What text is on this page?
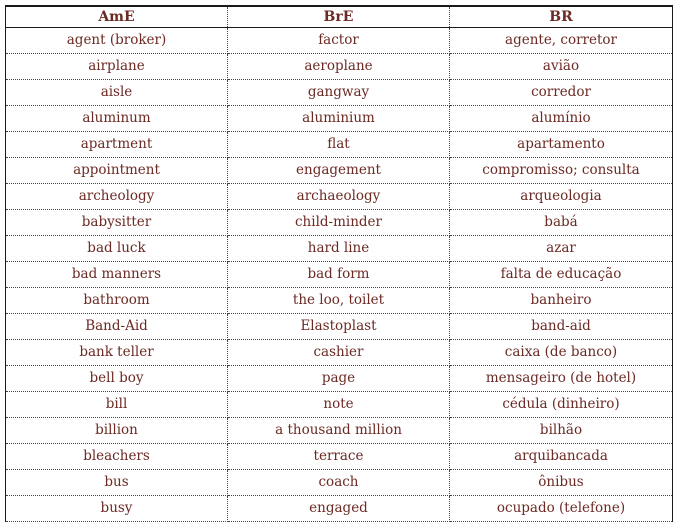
AmE	BrE	BR
agent (broker)	factor	agente, corretor
airplane	aeroplane	avião
aisle	gangway	corredor
aluminum	aluminium	alumínio
apartment	flat	apartamento
appointment	engagement	compromisso; consulta
archeology	archaeology	arqueologia
babysitter	child-minder	babá
bad luck	hard line	azar
bad manners	bad form	falta de educação
bathroom	the loo, toilet	banheiro
Band-Aid	Elastoplast	band-aid
bank teller	cashier	caixa (de banco)
bell boy	page	mensageiro (de hotel)
bill	note	cédula (dinheiro)
billion	a thousand million	bilhão
bleachers	terrace	arquibancada
bus	coach	ônibus
busy	engaged	ocupado (telefone)
